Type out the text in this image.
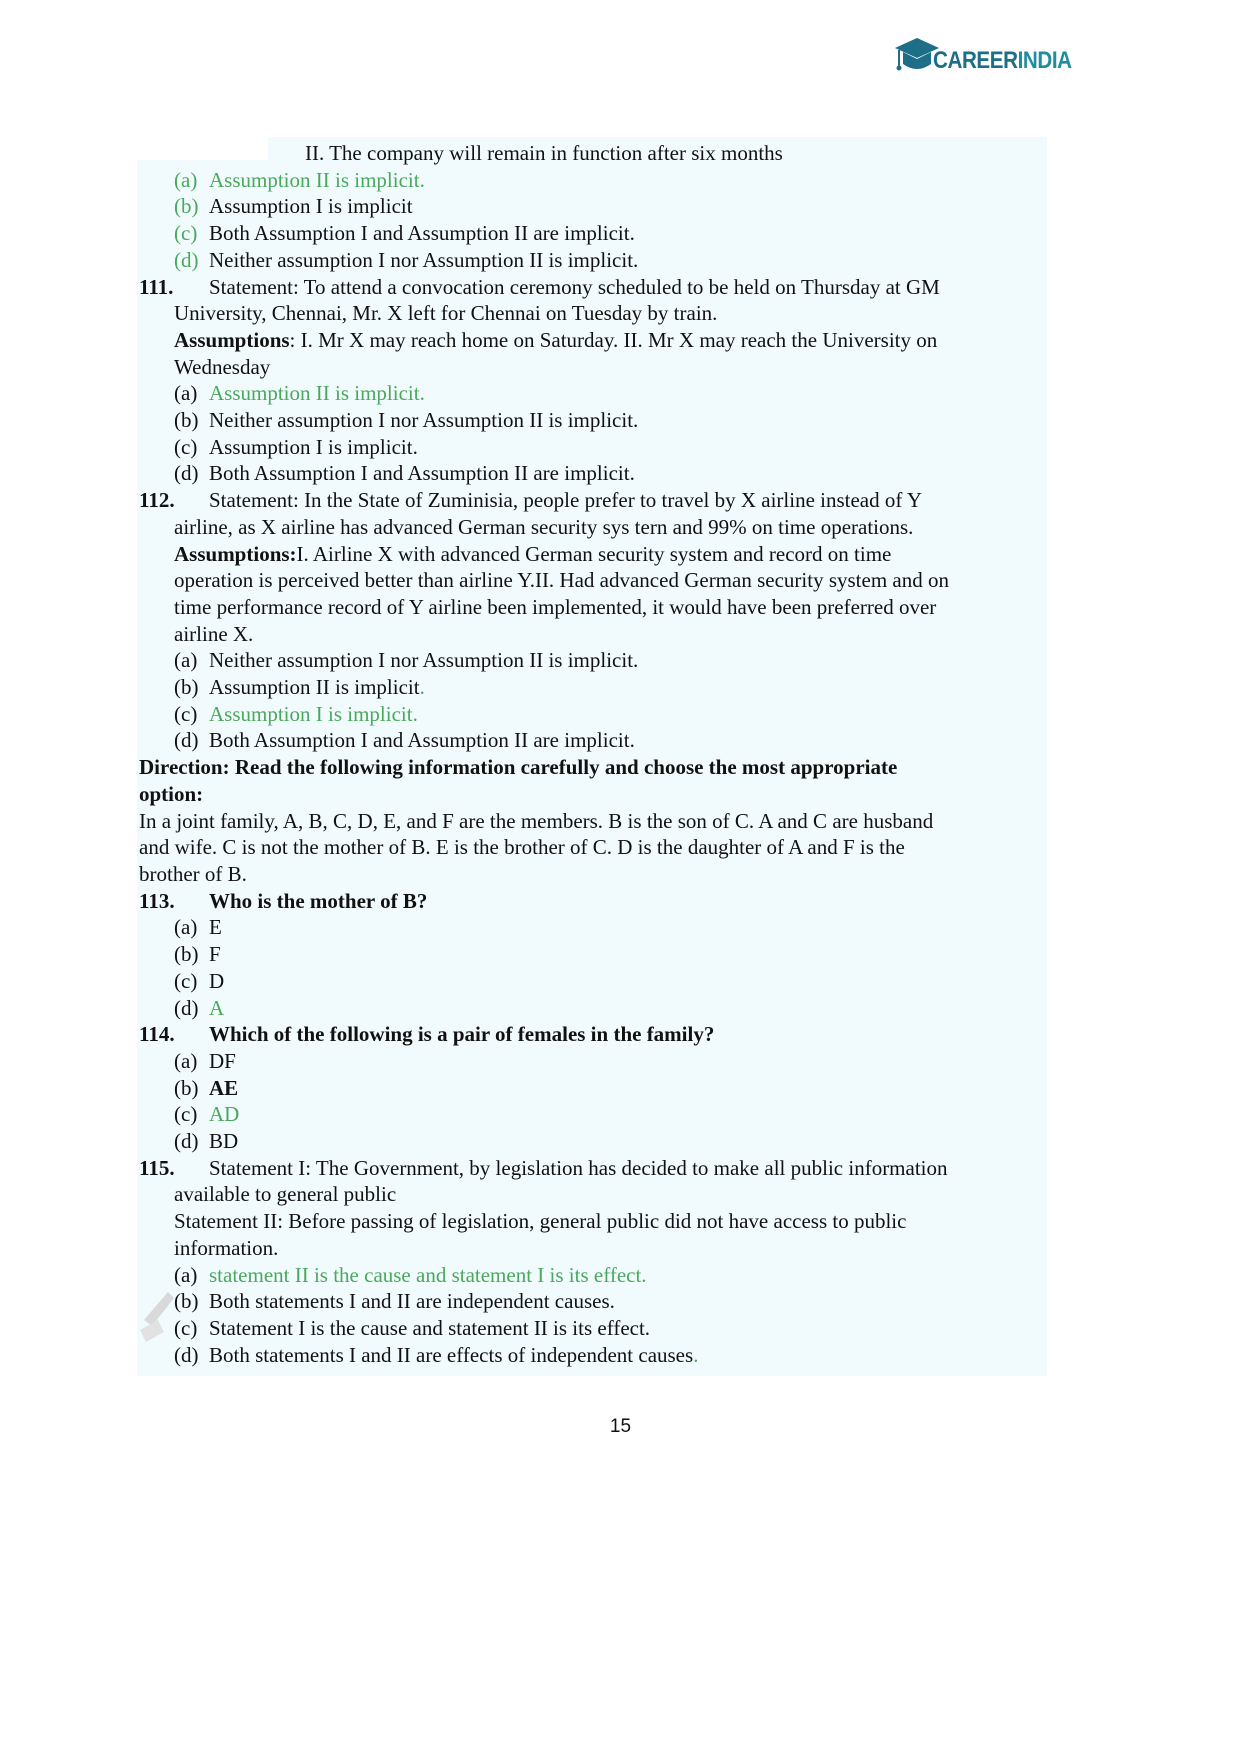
CAREERINDIA
II. The company will remain in function after six months
(a) Assumption II is implicit.
(b) Assumption I is implicit
(c) Both Assumption I and Assumption II are implicit.
(d) Neither assumption I nor Assumption II is implicit.
111.	Statement: To attend a convocation ceremony scheduled to be held on Thursday at GM
University, Chennai, Mr. X left for Chennai on Tuesday by train.
Assumptions: I. Mr X may reach home on Saturday. II. Mr X may reach the University on
Wednesday
(a) Assumption II is implicit.
(b) Neither assumption I nor Assumption II is implicit.
(c) Assumption I is implicit.
(d) Both Assumption I and Assumption II are implicit.
112.	Statement: In the State of Zuminisia, people prefer to travel by X airline instead of Y
airline, as X airline has advanced German security sys tern and 99% on time operations.
Assumptions:I. Airline X with advanced German security system and record on time
operation is perceived better than airline Y.II. Had advanced German security system and on
time performance record of Y airline been implemented, it would have been preferred over
airline X.
(a) Neither assumption I nor Assumption II is implicit.
(b) Assumption II is implicit .
(c) Assumption I is implicit.
(d) Both Assumption I and Assumption II are implicit.
Direction: Read the following information carefully and choose the most appropriate
option:
In a joint family, A, B, C, D, E, and F are the members. B is the son of C. A and C are husband
and wife. C is not the mother of B. E is the brother of C. D is the daughter of A and F is the
brother of B.
113.	Who is the mother of B?
(a) E
(b) F
(c) D
(d) A
114.	Which of the following is a pair of females in the family?
(a) DF
(b) AE
(c) AD
(d) BD
115.	Statement I: The Government, by legislation has decided to make all public information
available to general public
Statement II: Before passing of legislation, general public did not have access to public
information.
(a) statement II is the cause and statement I is its effect.
(b) Both statements I and II are independent causes.
(c) Statement I is the cause and statement II is its effect.
(d) Both statements I and II are effects of independent causes .
15
